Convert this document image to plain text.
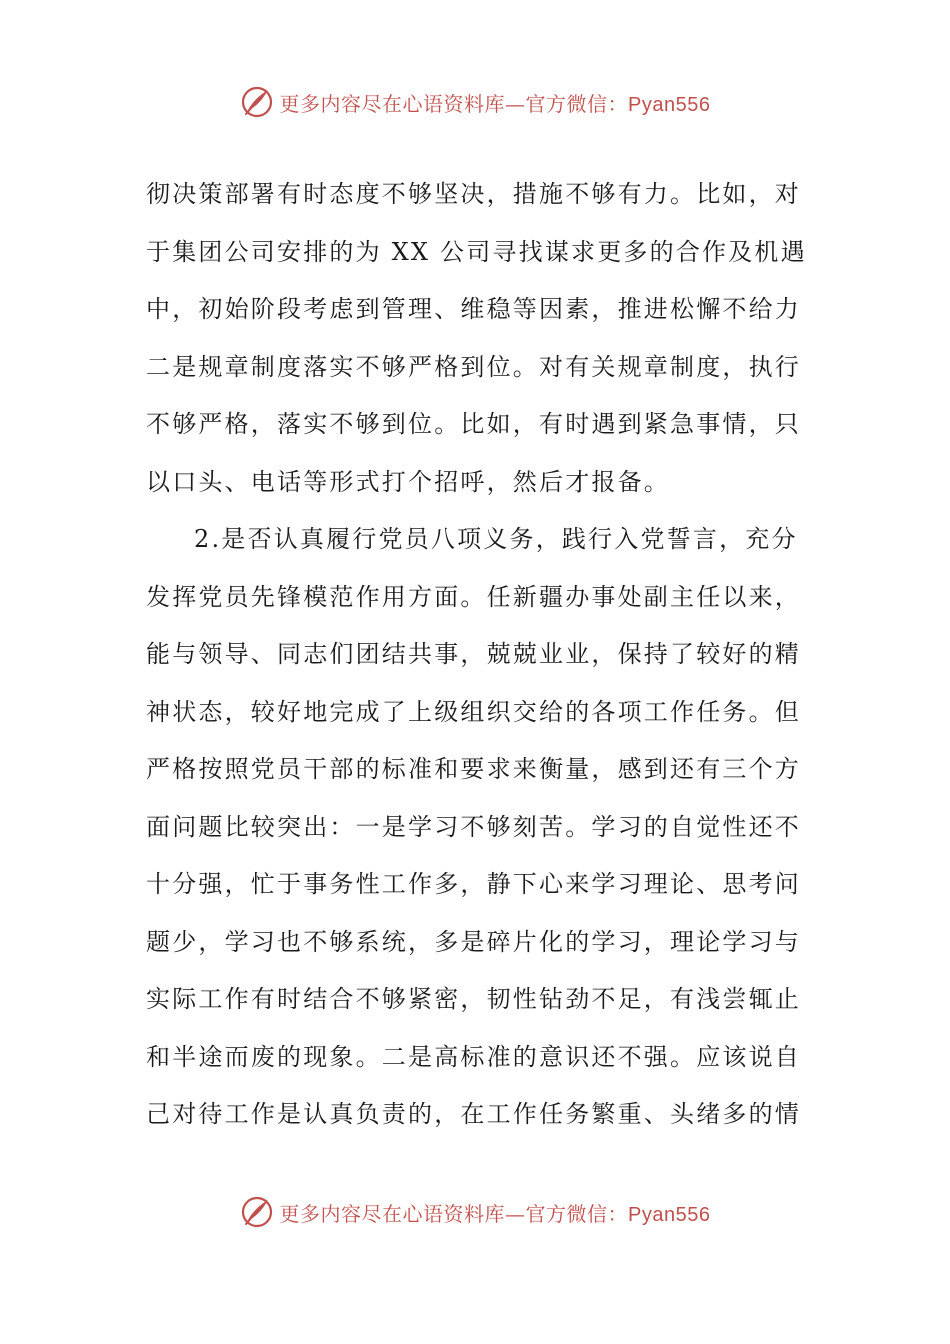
更多内容尽在心语资料库—官方微信：Pyan556
彻决策部署有时态度不够坚决，措施不够有力。比如，对
于集团公司安排的为 XX 公司寻找谋求更多的合作及机遇
中，初始阶段考虑到管理、维稳等因素，推进松懈不给力
二是规章制度落实不够严格到位。对有关规章制度，执行
不够严格，落实不够到位。比如，有时遇到紧急事情，只
以口头、电话等形式打个招呼，然后才报备。
2.是否认真履行党员八项义务，践行入党誓言，充分
发挥党员先锋模范作用方面。任新疆办事处副主任以来，
能与领导、同志们团结共事，兢兢业业，保持了较好的精
神状态，较好地完成了上级组织交给的各项工作任务。但
严格按照党员干部的标准和要求来衡量，感到还有三个方
面问题比较突出：一是学习不够刻苦。学习的自觉性还不
十分强，忙于事务性工作多，静下心来学习理论、思考问
题少，学习也不够系统，多是碎片化的学习，理论学习与
实际工作有时结合不够紧密，韧性钻劲不足，有浅尝辄止
和半途而废的现象。二是高标准的意识还不强。应该说自
己对待工作是认真负责的，在工作任务繁重、头绪多的情
更多内容尽在心语资料库—官方微信：Pyan556
